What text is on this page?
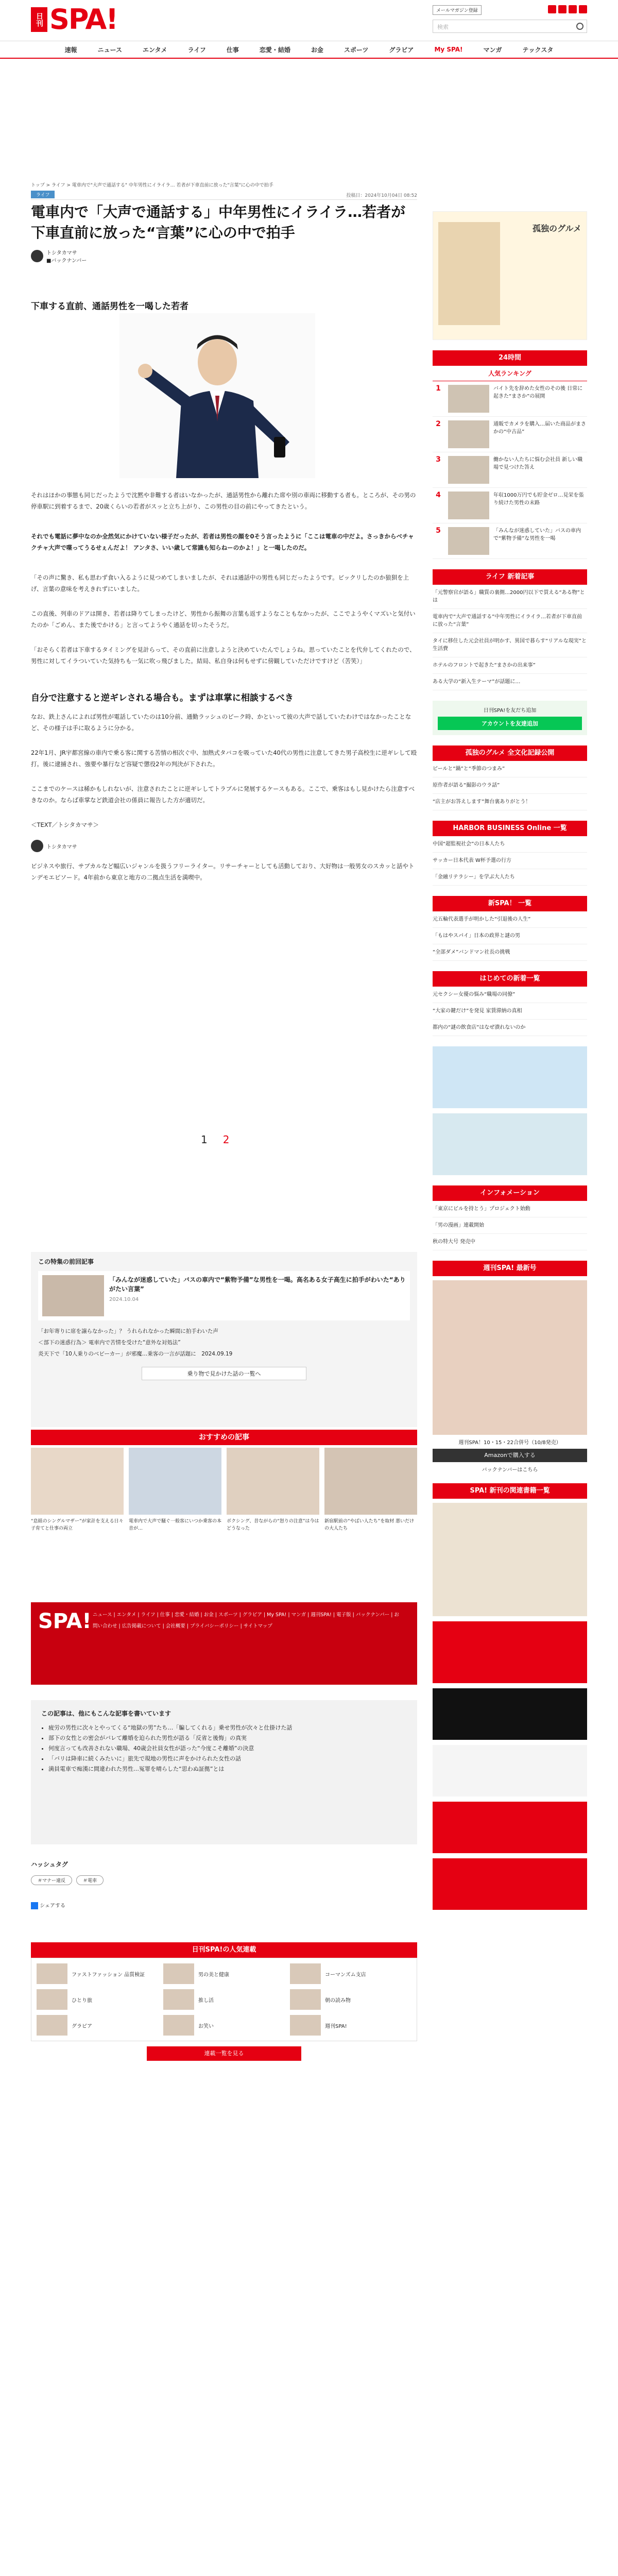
日刊 SPA!	メールマガジン登録
検索
速報	ニュース	エンタメ	ライフ	仕事	恋愛・結婚	お金	スポーツ	グラビア	My SPA!	マンガ	テックスタ
トップ > ライフ > 電車内で"大声で通話する" 中年男性にイライラ… 若者が下車直前に放った"言葉"に心の中で拍手
ライフ	投稿日：2024年10月04日 08:52
電車内で「大声で通話する」中年男性にイライラ…若者が下車直前に放った“言葉”に心の中で拍手
トシタカマサ
■バックナンバー
下車する直前、通話男性を一喝した若者
それはほかの事態も同じだったようで沈黙や非難する者はいなかったが、通話男性から離れた席や別の車両に移動する者も。ところが、その男の停車駅に到着するまで、20歳くらいの若者がスッと立ち上がり、この男性の目の前にやってきたという。
それでも電話に夢中なのか全然気にかけていない様子だったが、若者は男性の顔を0そう言ったように「ここは電車の中だよ。さっきからベチャクチャ大声で喋ってうるせぇんだよ！ アンタさ、いい歳して常識も知らねーのかよ！」と一喝したのだ。
「その声に驚き、私も思わず食い入るように見つめてしまいましたが、それは通話中の男性も同じだったようです。ビックリしたのか狼狽を上げ、言葉の意味を考えきれずにいました。
この直後、列車のドアは開き、若者は降りてしまったけど、男性から振舞の言葉も返すようなこともなかったが、ここでようやくマズいと気付いたのか「ごめん、また後でかける」と言ってようやく通話を切ったそうだ。
「おそらく若者は下車するタイミングを見計らって、その直前に注意しようと決めていたんでしょうね。思っていたことを代弁してくれたので、男性に対してイラついていた気持ちも一気に吹っ飛びました。結局、私自身は何もせずに傍観していただけですけど（苦笑）」
自分で注意すると逆ギレされる場合も。まずは車掌に相談するべき
なお、鉄上さんによれば男性が電話していたのは10分前、通勤ラッシュのピーク時、かといって彼の大声で話していたわけではなかったことなど、その様子は手に取るように分かる。
22年1月、JR宇都宮線の車内で乗る客に関する苦情の相次ぐ中、加熱式タバコを吸っていた40代の男性に注意してきた男子高校生に逆ギレして殴打。後に逮捕され、強要や暴行など容疑で懲役2年の判決が下された。
ここまでのケースは稀かもしれないが、注意されたことに逆ギレしてトラブルに発展するケースもある。ここで、乗客はもし見かけたら注意すべきなのか。ならば車掌など鉄道会社の係員に報告した方が適切だ。
＜TEXT／トシタカマサ＞
トシタカマサ
ビジネスや旅行、サブカルなど幅広いジャンルを扱うフリーライター。リサーチャーとしても活動しており、大好物は一般男女のスカッと話やトンデモエピソード。4年前から東京と地方の二拠点生活を満喫中。
1 2
この特集の前回記事
「みんなが迷惑していた」バスの車内で“紫物予備”な男性を一喝。高名ある女子高生に拍手がわいた“ありがたい言葉”
2024.10.04
「お年寄りに席を譲らなかった」？ うれられなかった瞬間に拍手わいた声
＜部下の迷惑行為＞ 電車内で苦情を受けた“意外な対処法”
炎天下で「10人乗りのベビーカー」が邪魔…乗客の一言が話題に　2024.09.19
乗り物で見かけた話の一覧へ
おすすめの記事
“息組のシングルマザー”が家計を支える日々 子育てと仕事の両立
電車内で大声で騒ぐ一般客にいつか乗客の本音が…
ボクシング、昔ながらの“怒りの注意”は今はどうなった
新宿駅前の“やばい人たち”を取材 悪いだけの大人たち
SPA! ニュース | エンタメ | ライフ | 仕事 | 恋愛・結婚 | お金 | スポーツ | グラビア | My SPA! | マンガ | 週刊SPA! | 電子版 | バックナンバー | お問い合わせ | 広告掲載について | 会社概要 | プライバシーポリシー | サイトマップ
この記事は、他にもこんな記事を書いています
• 疲労の男性に次々とやってくる“地獄の男”たち…「騙してくれる」乗せ男性が次々と仕掛けた話
• 部下の女性との密会がバレて離婚を迫られた男性が語る「反省と後悔」の真実
• 何度言っても改善されない職場、40歳会社員女性が語った“今度こそ離婚”の決意
• 「バリは降車に続くみたいに」旅先で現地の男性に声をかけられた女性の話
• 満員電車で痴漢に間違われた男性…冤罪を晴らした“思わぬ証拠”とは
ハッシュタグ
＃マナー違反	＃電車
シェアする
日刊SPA!の人気連載
ファストファッション 品質検証	男の美と健康	コーマンズム支店
ひとり旅	推し活	朝の読み物
グラビア	お笑い	週刊SPA!
連載一覧を見る
孤独のグルメ
24時間
人気ランキング
1	バイト先を辞めた女性のその後 日常に起きた“まさか”の展開
2	通販でカメラを購入…届いた商品がまさかの“中古品”
3	働かない人たちに悩む会社員 新しい職場で見つけた答え
4	年収1000万円でも貯金ゼロ…見栄を張り続けた男性の末路
5	「みんなが迷惑していた」バスの車内で“紫物予備”な男性を一喝
ライフ 新着記事
「元警察官が語る」職質の裏側…2000円以下で買える“ある物”とは
電車内で“大声で通話する”中年男性にイライラ…若者が下車直前に放った“言葉”
タイに移住した元会社員が明かす、異国で暮らす“リアルな現実”と生活費
ホテルのフロントで起きた“まさかの出来事”
ある大学の“新入生テーマ”が話題に…
日刊SPA!を友だち追加
アカウントを友達追加
孤独のグルメ 全文化記録公開
ビールと“鍋”と“季節のつまみ”
原作者が語る“撮影のウラ話”
“店主がお答えします”舞台裏ありがとう！
HARBOR BUSINESS Online 一覧
中国“超監視社会”の日本人たち
サッカー日本代表 W杯予選の行方
「金融リテラシー」を学ぶ大人たち
新SPA！ 一覧
元五輪代表選手が明かした“引退後の人生”
「もはやスパイ」日本の政界と謎の男
“全部ダメ”バンドマン社長の挑戦
はじめての新着一覧
元セクシー女優の悩み“職場の同僚”
“大家の鍵だけ”を発見 家賃滞納の真相
都内の“謎の飲食店”はなぜ潰れないのか
インフォメーション
「東京にビルを持とう」プロジェクト始動
「男の漫画」連載開始
秋の特大号 発売中
週刊SPA! 最新号
週刊SPA！10・15・22合併号（10/8発売）
Amazonで購入する
バックナンバーはこちら
SPA! 新刊の関連書籍一覧
